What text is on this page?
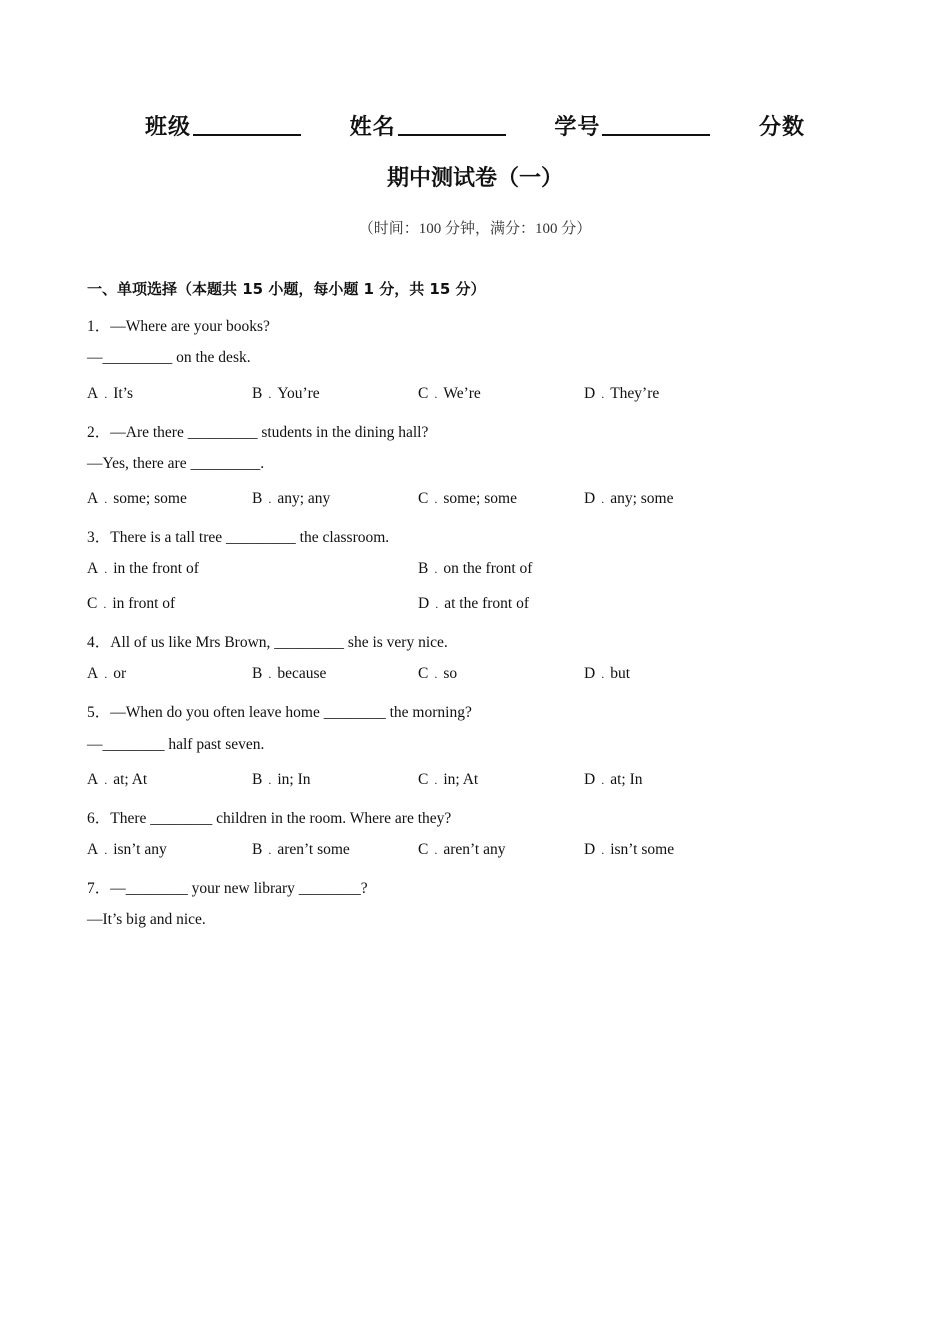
班级	姓名	学号	分数
期中测试卷（一）
（时间：100 分钟，满分：100 分）
一、单项选择（本题共 15 小题，每小题 1 分，共 15 分）
1．—Where are your books?
—_________ on the desk.
A . It’s	B . You’re	C . We’re	D . They’re
2．—Are there _________ students in the dining hall?
—Yes, there are _________.
A . some; some	B . any; any	C . some; some	D . any; some
3．There is a tall tree _________ the classroom.
A . in the front of	B . on the front of
C . in front of	D . at the front of
4．All of us like Mrs Brown, _________ she is very nice.
A . or	B . because	C . so	D . but
5．—When do you often leave home ________ the morning?
—________ half past seven.
A . at; At	B . in; In	C . in; At	D . at; In
6．There ________ children in the room. Where are they?
A . isn’t any	B . aren’t some	C . aren’t any	D . isn’t some
7．—________ your new library ________?
—It’s big and nice.
